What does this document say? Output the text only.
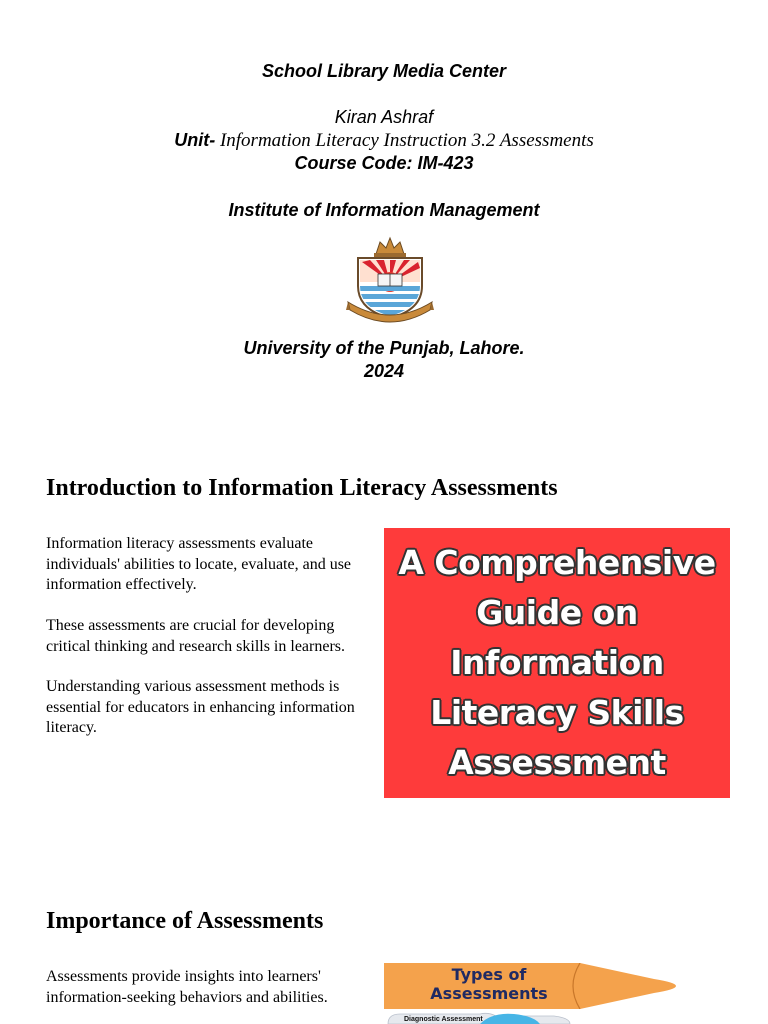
School Library Media Center
Kiran Ashraf
Unit- Information Literacy Instruction 3.2 Assessments
Course Code: IM-423
Institute of Information Management
University of the Punjab, Lahore.
2024
Introduction to Information Literacy Assessments

Information literacy assessments evaluate individuals' abilities to locate, evaluate, and use information effectively.

These assessments are crucial for developing critical thinking and research skills in learners.

Understanding various assessment methods is essential for educators in enhancing information literacy.

A Comprehensive
Guide on Information
Literacy Skills
Assessment
Importance of Assessments

Assessments provide insights into learners' information-seeking behaviors and abilities.

Types of
Assessments
Diagnostic Assessment
